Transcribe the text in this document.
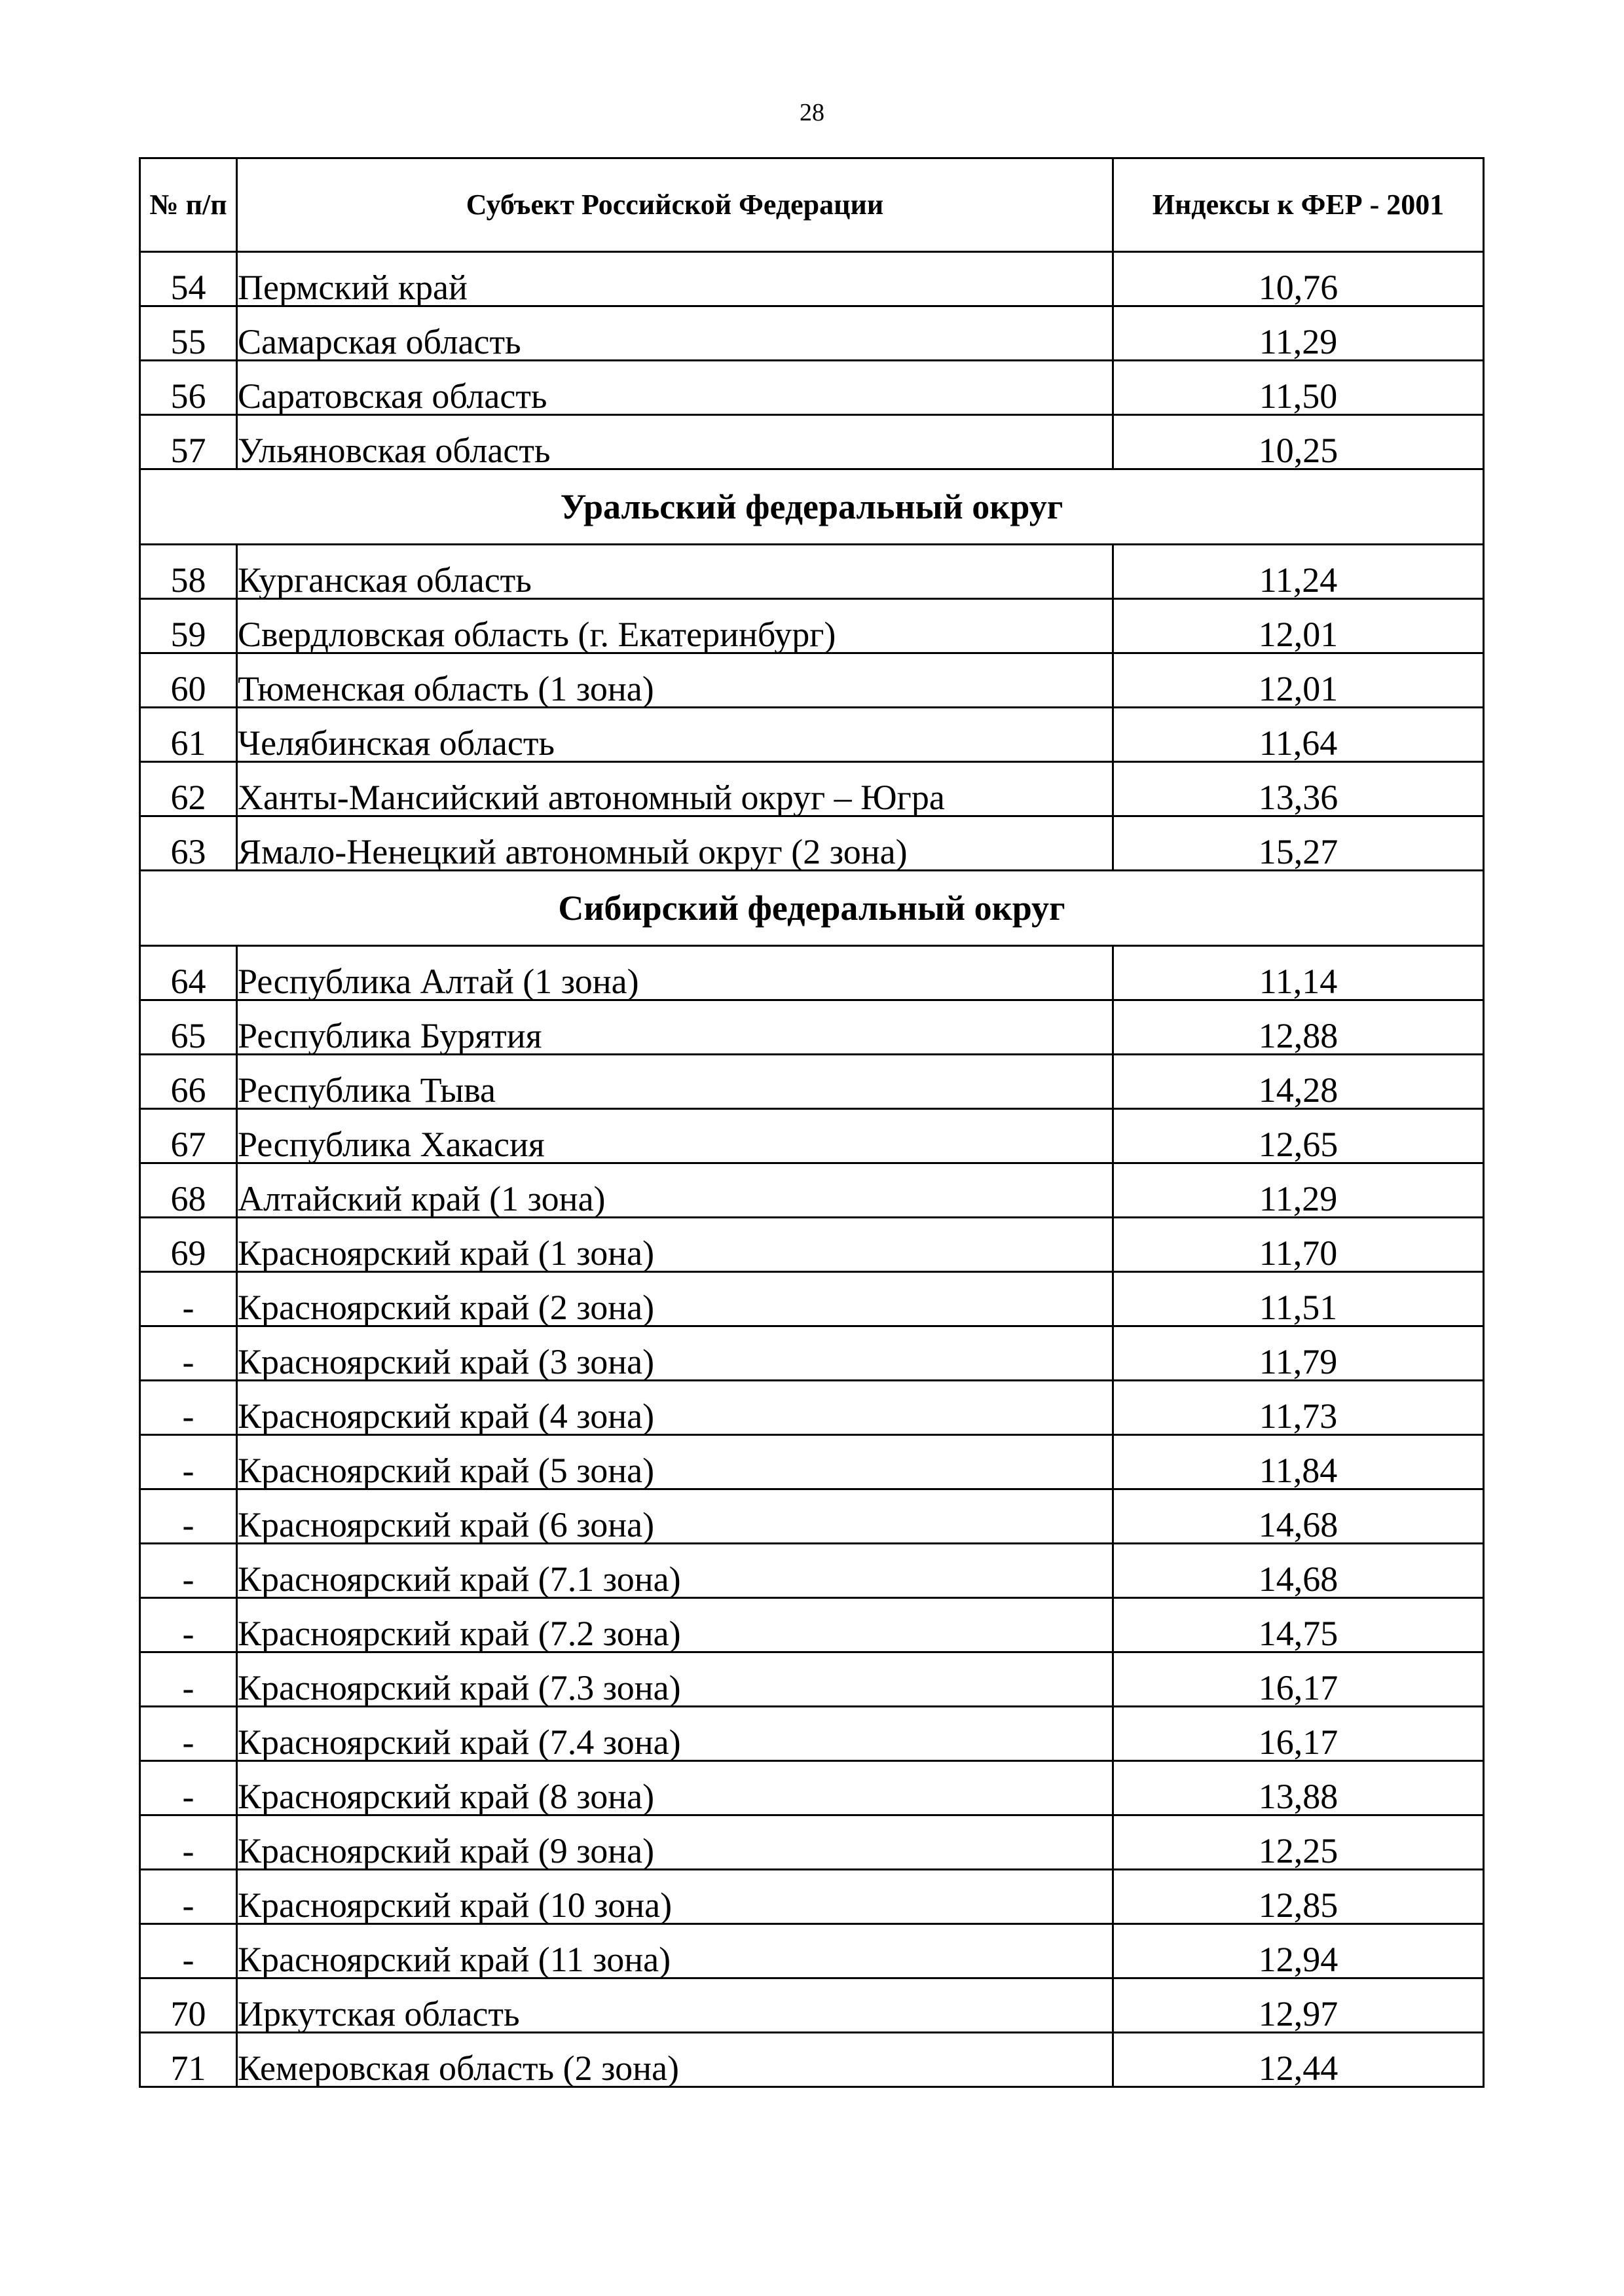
28
№ п/п	Субъект Российской Федерации	Индексы к ФЕР - 2001
54	Пермский край	10,76
55	Самарская область	11,29
56	Саратовская область	11,50
57	Ульяновская область	10,25
Уральский федеральный округ		
58	Курганская область	11,24
59	Свердловская область (г. Екатеринбург)	12,01
60	Тюменская область (1 зона)	12,01
61	Челябинская область	11,64
62	Ханты-Мансийский автономный округ – Югра	13,36
63	Ямало-Ненецкий автономный округ (2 зона)	15,27
Сибирский федеральный округ		
64	Республика Алтай (1 зона)	11,14
65	Республика Бурятия	12,88
66	Республика Тыва	14,28
67	Республика Хакасия	12,65
68	Алтайский край (1 зона)	11,29
69	Красноярский край (1 зона)	11,70
-	Красноярский край (2 зона)	11,51
-	Красноярский край (3 зона)	11,79
-	Красноярский край (4 зона)	11,73
-	Красноярский край (5 зона)	11,84
-	Красноярский край (6 зона)	14,68
-	Красноярский край (7.1 зона)	14,68
-	Красноярский край (7.2 зона)	14,75
-	Красноярский край (7.3 зона)	16,17
-	Красноярский край (7.4 зона)	16,17
-	Красноярский край (8 зона)	13,88
-	Красноярский край (9 зона)	12,25
-	Красноярский край (10 зона)	12,85
-	Красноярский край (11 зона)	12,94
70	Иркутская область	12,97
71	Кемеровская область (2 зона)	12,44
